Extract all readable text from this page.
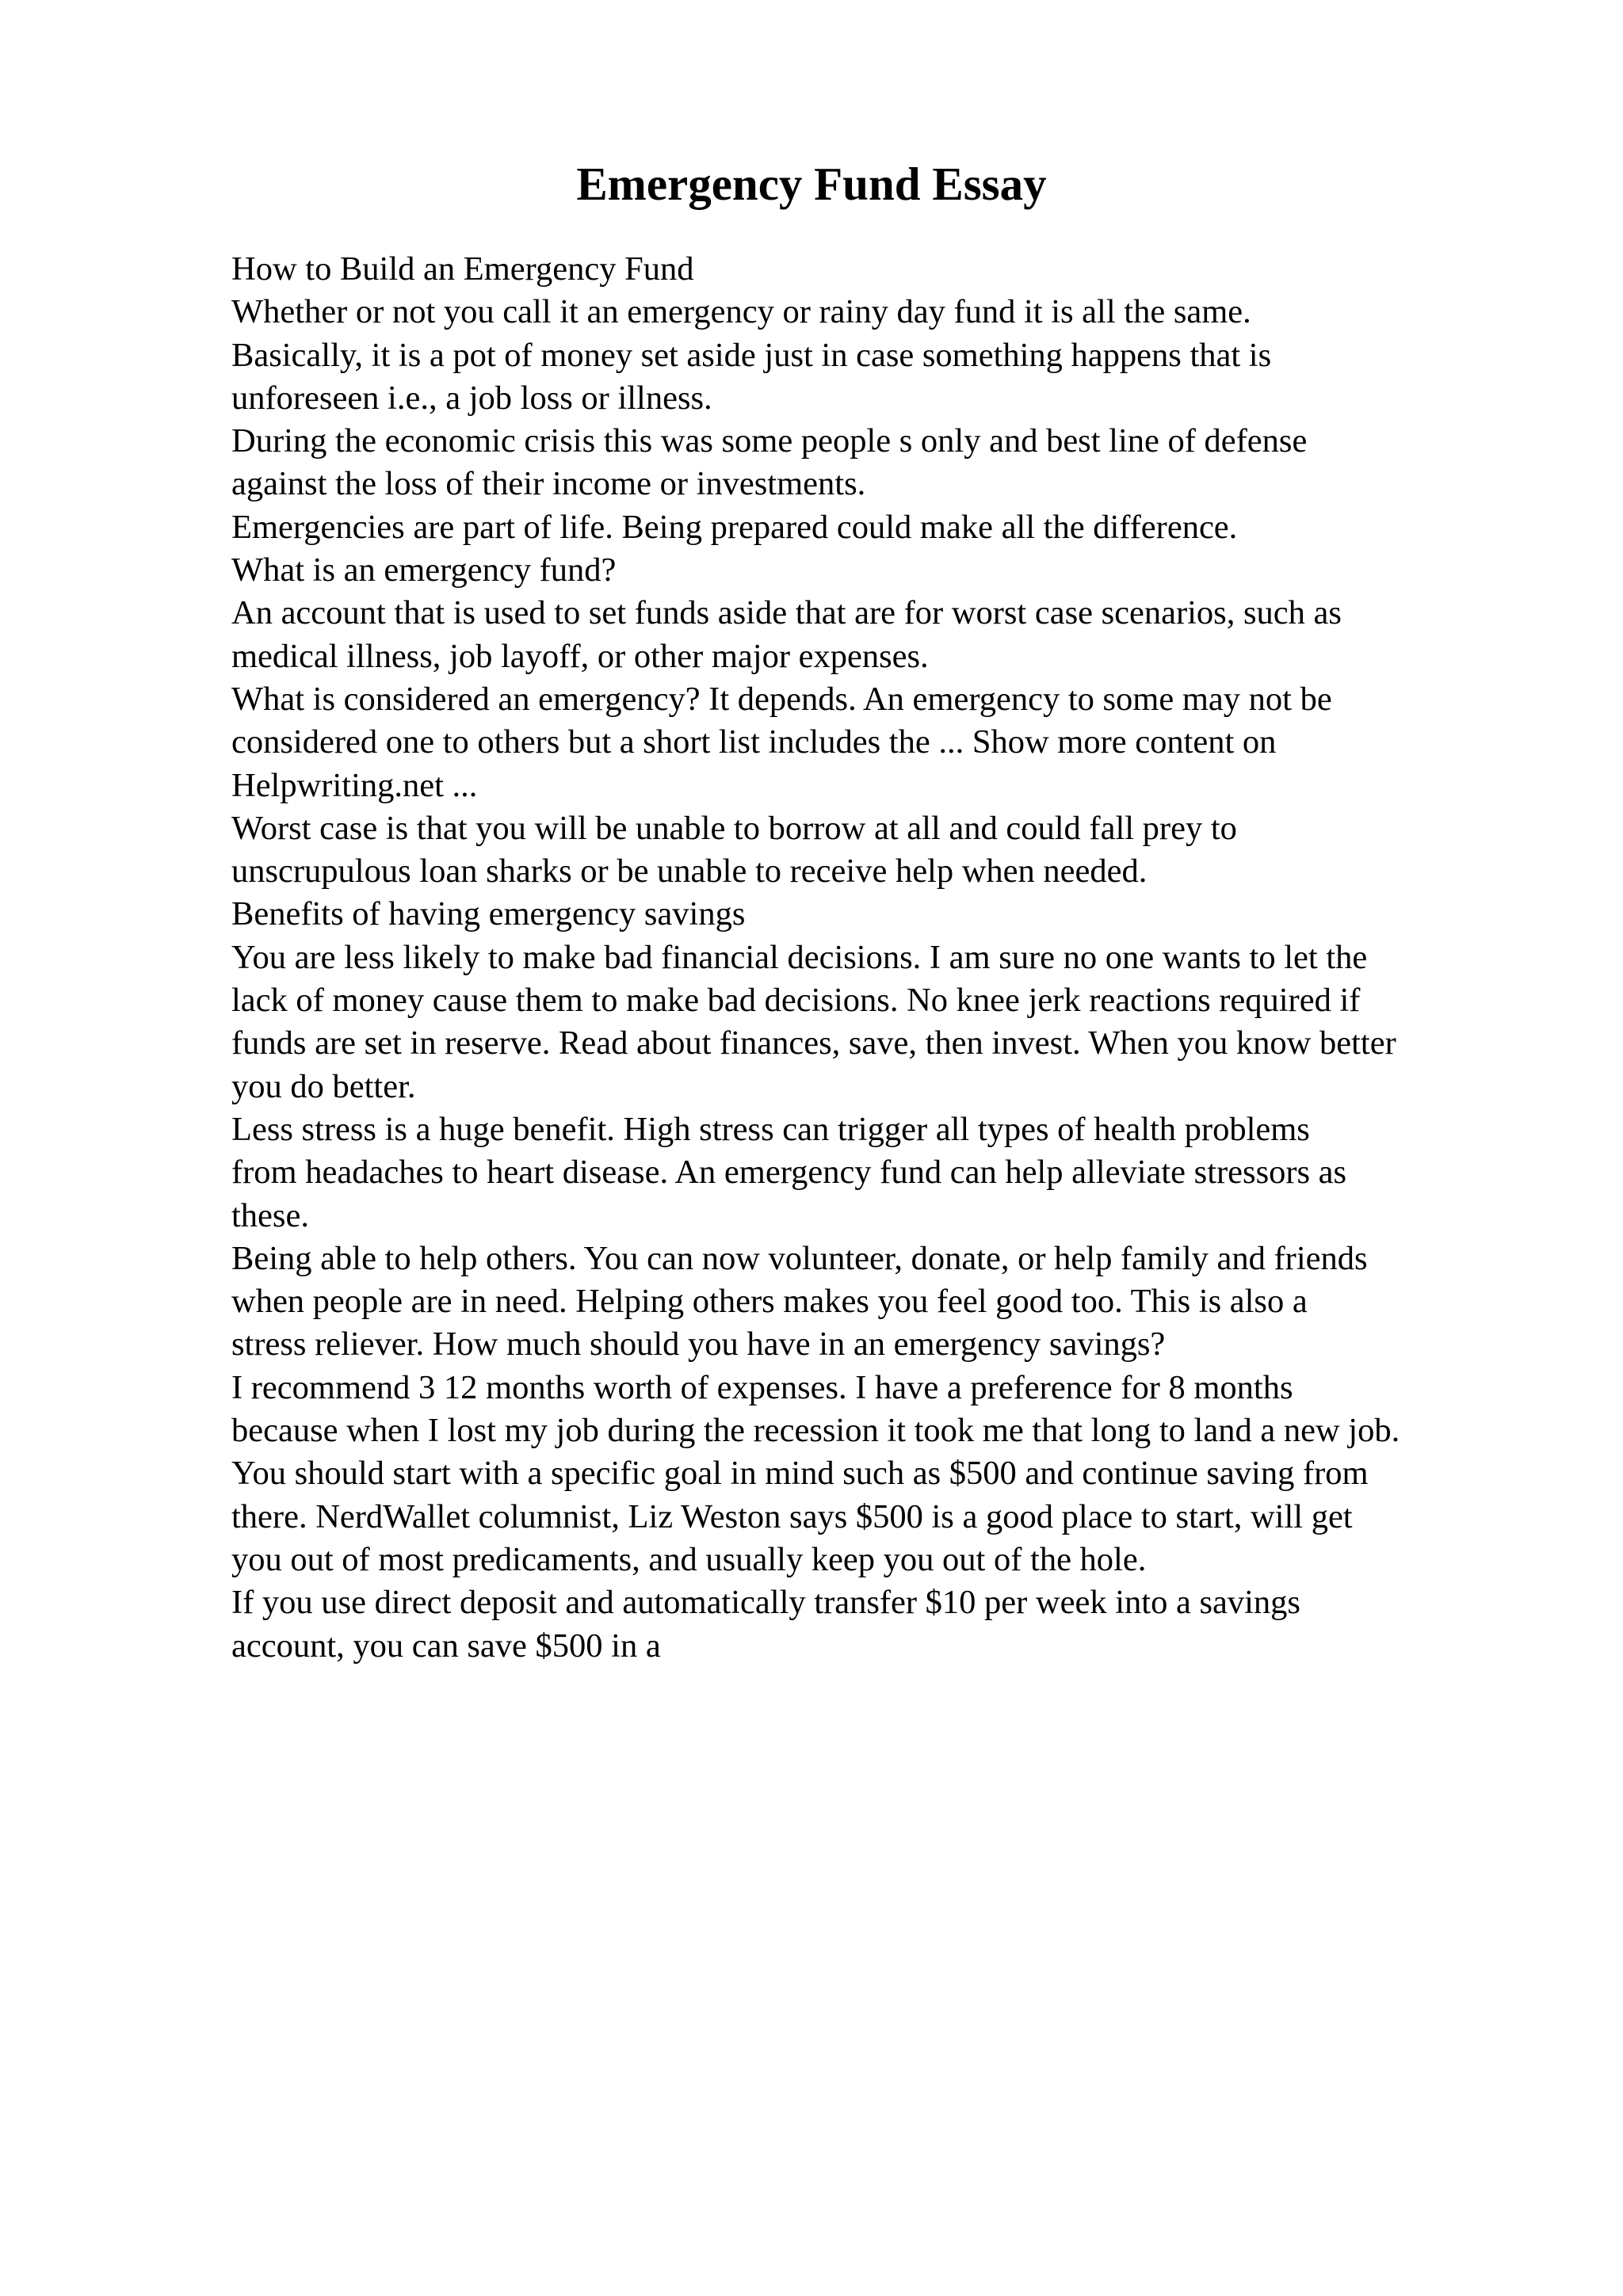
Emergency Fund Essay
How to Build an Emergency Fund
Whether or not you call it an emergency or rainy day fund it is all the same.
Basically, it is a pot of money set aside just in case something happens that is
unforeseen i.e., a job loss or illness.
During the economic crisis this was some people s only and best line of defense
against the loss of their income or investments.
Emergencies are part of life. Being prepared could make all the difference.
What is an emergency fund?
An account that is used to set funds aside that are for worst case scenarios, such as
medical illness, job layoff, or other major expenses.
What is considered an emergency? It depends. An emergency to some may not be
considered one to others but a short list includes the ... Show more content on
Helpwriting.net ...
Worst case is that you will be unable to borrow at all and could fall prey to
unscrupulous loan sharks or be unable to receive help when needed.
Benefits of having emergency savings
You are less likely to make bad financial decisions. I am sure no one wants to let the
lack of money cause them to make bad decisions. No knee jerk reactions required if
funds are set in reserve. Read about finances, save, then invest. When you know better
you do better.
Less stress is a huge benefit. High stress can trigger all types of health problems
from headaches to heart disease. An emergency fund can help alleviate stressors as
these.
Being able to help others. You can now volunteer, donate, or help family and friends
when people are in need. Helping others makes you feel good too. This is also a
stress reliever. How much should you have in an emergency savings?
I recommend 3 12 months worth of expenses. I have a preference for 8 months
because when I lost my job during the recession it took me that long to land a new job.
You should start with a specific goal in mind such as $500 and continue saving from
there. NerdWallet columnist, Liz Weston says $500 is a good place to start, will get
you out of most predicaments, and usually keep you out of the hole.
If you use direct deposit and automatically transfer $10 per week into a savings
account, you can save $500 in a
